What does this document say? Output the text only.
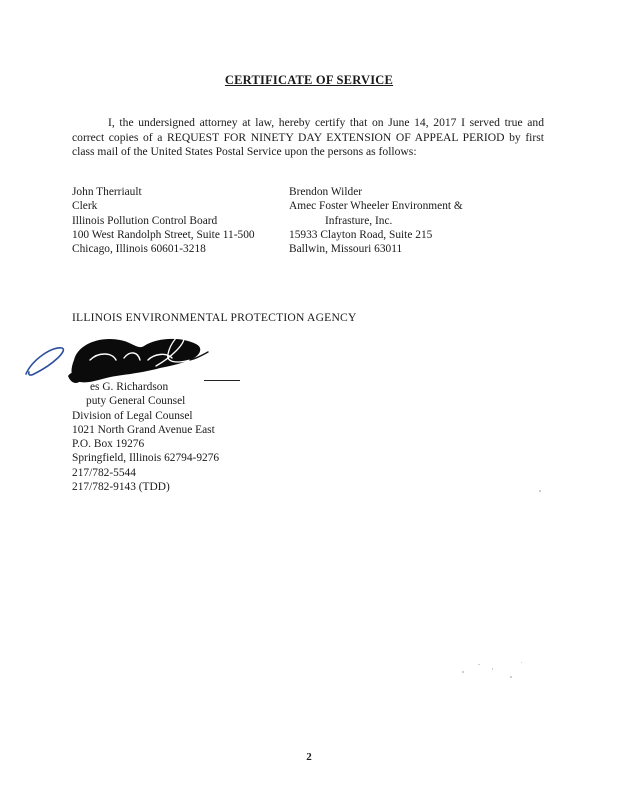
CERTIFICATE OF SERVICE

I, the undersigned attorney at law, hereby certify that on June 14, 2017 I served true and correct copies of a REQUEST FOR NINETY DAY EXTENSION OF APPEAL PERIOD by first class mail of the United States Postal Service upon the persons as follows:

John Therriault
Clerk
Illinois Pollution Control Board
100 West Randolph Street, Suite 11-500
Chicago, Illinois 60601-3218
Brendon Wilder
Amec Foster Wheeler Environment &
Infrasture, Inc.
15933 Clayton Road, Suite 215
Ballwin, Missouri 63011
ILLINOIS ENVIRONMENTAL PROTECTION AGENCY
es G. Richardson
puty General Counsel
Division of Legal Counsel
1021 North Grand Avenue East
P.O. Box 19276
Springfield, Illinois 62794-9276
217/782-5544
217/782-9143 (TDD)
2
